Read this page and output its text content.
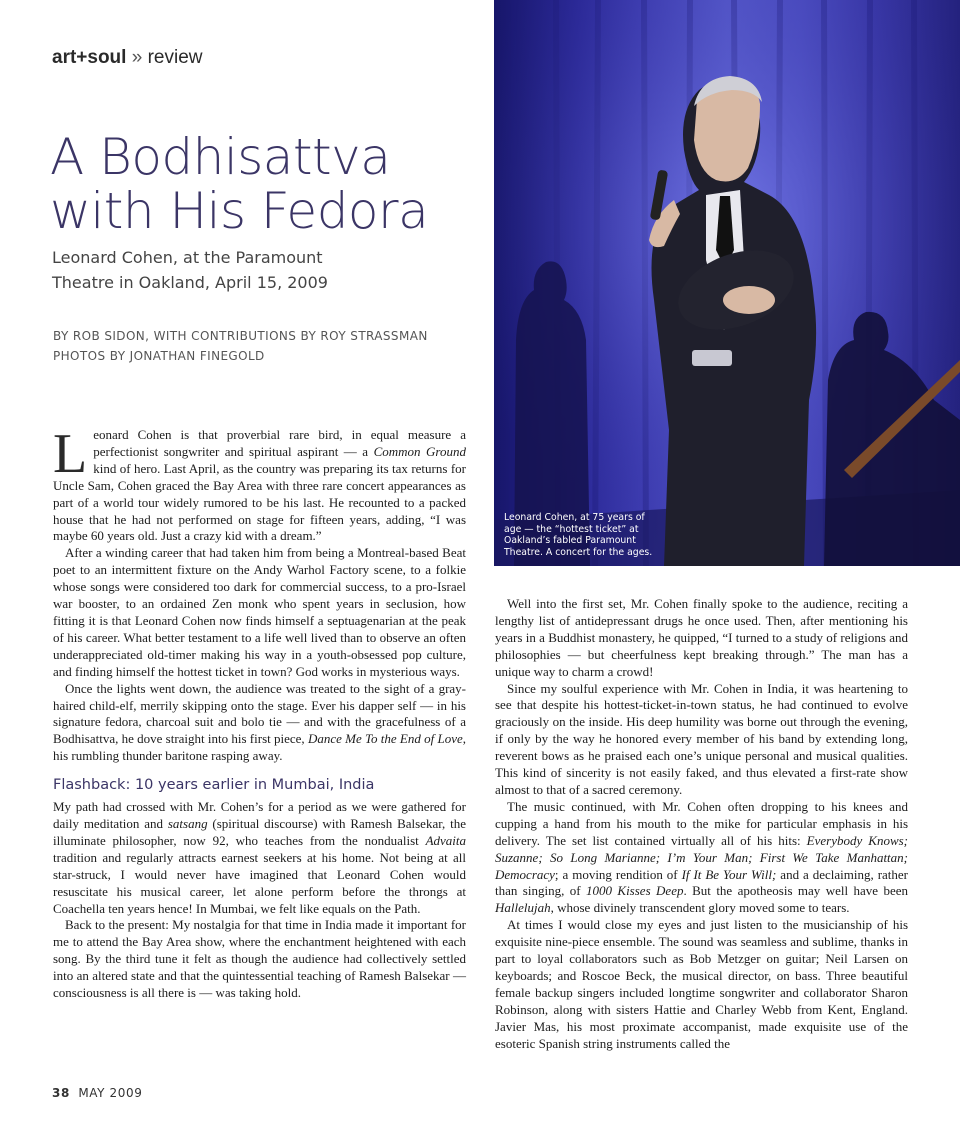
art+soul » review
A Bodhisattva
with His Fedora
Leonard Cohen, at the Paramount
Theatre in Oakland, April 15, 2009
BY ROB SIDON, WITH CONTRIBUTIONS BY ROY STRASSMAN
PHOTOS BY JONATHAN FINEGOLD
Leonard Cohen, at 75 years of
age — the “hottest ticket” at
Oakland’s fabled Paramount
Theatre. A concert for the ages.

Leonard Cohen is that proverbial rare bird, in equal measure a perfectionist songwriter and spiritual aspirant — a Common Ground kind of hero. Last April, as the country was preparing its tax returns for Uncle Sam, Cohen graced the Bay Area with three rare concert appearances as part of a world tour widely rumored to be his last. He recounted to a packed house that he had not performed on stage for fifteen years, adding, “I was maybe 60 years old. Just a crazy kid with a dream.”

After a winding career that had taken him from being a Montreal-based Beat poet to an intermittent fixture on the Andy Warhol Factory scene, to a folkie whose songs were considered too dark for commercial success, to a pro-Israel war booster, to an ordained Zen monk who spent years in seclusion, how fitting it is that Leonard Cohen now finds himself a septuagenarian at the peak of his career. What better testament to a life well lived than to observe an often underappreciated old-timer making his way in a youth-obsessed pop culture, and finding himself the hottest ticket in town? God works in mysterious ways.

Once the lights went down, the audience was treated to the sight of a gray-haired child-elf, merrily skipping onto the stage. Ever his dapper self — in his signature fedora, charcoal suit and bolo tie — and with the gracefulness of a Bodhisattva, he dove straight into his first piece, Dance Me To the End of Love, his rumbling thunder baritone rasping away.

Flashback: 10 years earlier in Mumbai, India

My path had crossed with Mr. Cohen’s for a period as we were gathered for daily meditation and satsang (spiritual discourse) with Ramesh Balsekar, the illuminate philosopher, now 92, who teaches from the nondualist Advaita tradition and regularly attracts earnest seekers at his home. Not being at all star-struck, I would never have imagined that Leonard Cohen would resuscitate his musical career, let alone perform before the throngs at Coachella ten years hence! In Mumbai, we felt like equals on the Path.

Back to the present: My nostalgia for that time in India made it important for me to attend the Bay Area show, where the enchantment heightened with each song. By the third tune it felt as though the audience had collectively settled into an altered state and that the quintessential teaching of Ramesh Balsekar — consciousness is all there is — was taking hold.

Well into the first set, Mr. Cohen finally spoke to the audience, reciting a lengthy list of antidepressant drugs he once used. Then, after mentioning his years in a Buddhist monastery, he quipped, “I turned to a study of religions and philosophies — but cheerfulness kept breaking through.” The man has a unique way to charm a crowd!

Since my soulful experience with Mr. Cohen in India, it was heartening to see that despite his hottest-ticket-in-town status, he had continued to evolve graciously on the inside. His deep humility was borne out through the evening, if only by the way he honored every member of his band by extending long, reverent bows as he praised each one’s unique personal and musical qualities. This kind of sincerity is not easily faked, and thus elevated a first-rate show almost to that of a sacred ceremony.

The music continued, with Mr. Cohen often dropping to his knees and cupping a hand from his mouth to the mike for particular emphasis in his delivery. The set list contained virtually all of his hits: Everybody Knows; Suzanne; So Long Marianne; I’m Your Man; First We Take Manhattan; Democracy; a moving rendition of If It Be Your Will; and a declaiming, rather than singing, of 1000 Kisses Deep. But the apotheosis may well have been Hallelujah, whose divinely transcendent glory moved some to tears.

At times I would close my eyes and just listen to the musicianship of his exquisite nine-piece ensemble. The sound was seamless and sublime, thanks in part to loyal collaborators such as Bob Metzger on guitar; Neil Larsen on keyboards; and Roscoe Beck, the musical director, on bass. Three beautiful female backup singers included longtime songwriter and collaborator Sharon Robinson, along with sisters Hattie and Charley Webb from Kent, England. Javier Mas, his most proximate accompanist, made exquisite use of the esoteric Spanish string instruments called the

38 MAY 2009
